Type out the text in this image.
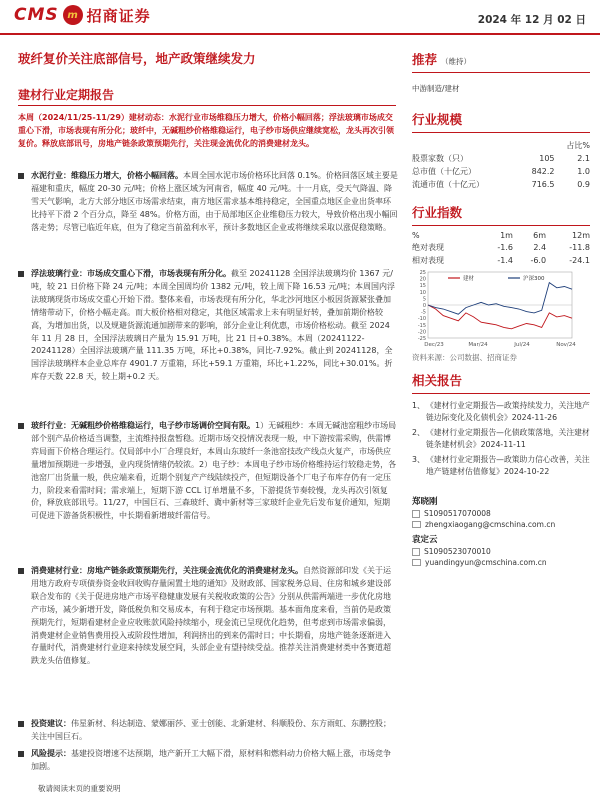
CMS m 招商证券	2024 年 12 月 02 日
玻纤复价关注底部信号，地产政策继续发力
建材行业定期报告
本周（2024/11/25-11/29）建材动态：水泥行业市场维稳压力增大，价格小幅回落；浮法玻璃市场成交重心下滑，市场表现有所分化；玻纤中，无碱粗纱价格维稳运行，电子纱市场供应继续宽松，龙头再次引领复价。释放底部讯号，房地产链条政策预期先行，关注现金流优化的消费建材龙头。
水泥行业：维稳压力增大，价格小幅回落。本周全国水泥市场价格环比回落 0.1%。价格回落区域主要是福建和重庆，幅度 20-30 元/吨；价格上涨区域为河南省，幅度 40 元/吨。十一月底，受天气降温、降雪天气影响，北方大部分地区市场需求结束，南方地区需求基本维持稳定，全国重点地区企业出货率环比持平下滑 2 个百分点，降至 48%。价格方面，由于局部地区企业维稳压力较大，导致价格出现小幅回落走势；尽管已临近年底，但为了稳定当前盈利水平，预计多数地区企业或将继续采取以涨促稳策略。
浮法玻璃行业：市场成交重心下滑，市场表现有所分化。截至 20241128 全国浮法玻璃均价 1367 元/吨，较 21 日价格下降 24 元/吨；本周全国周均价 1382 元/吨，较上周下降 16.53 元/吨；本周国内浮法玻璃现货市场成交重心开始下滑。整体来看，市场表现有所分化，华北沙河地区小板因货源紧张叠加情绪带动下，价格小幅走高。而大板价格相对稳定，其他区域需求上未有明显好转，叠加前期价格较高，为增加出货，以及规避货源流通加剧带来的影响，部分企业让利优惠，市场价格松动。截至 2024 年 11 月 28 日，全国浮法玻璃日产量为 15.91 万吨，比 21 日+0.38%。本周（20241122-20241128）全国浮法玻璃产量 111.35 万吨，环比+0.38%，同比-7.92%。截止到 20241128，全国浮法玻璃样本企业总库存 4901.7 万重箱，环比+59.1 万重箱，环比+1.22%，同比+30.01%。折库存天数 22.8 天，较上期+0.2 天。
玻纤行业：无碱粗纱价格维稳运行，电子纱市场调价空间有限。1）无碱粗纱：本周无碱池窑粗纱市场局部个别产品价格适当调整，主流维持报盘暂稳。近期市场交投情况表现一般，中下游按需采购，供需博弈局面下价格合理运行。仅局部中小厂合理良好，本周山东玻纤一条池窑技改产线点火复产，市场供应量增加预期进一步增强，业内现货情绪仍较浓。2）电子纱：本周电子纱市场价格维持运行较稳走势，各池窑厂出货量一般，供应端来看，近期个别复产产线陆续投产，但短期设备个厂电子布库存仍有一定压力，阶段来看需时间；需求端上，短期下游 CCL 订单增量不多，下游提货节奏较慢，龙头再次引领复价，释放底部讯号。11/27，中国巨石、三森玻纤、冀中新材等三家玻纤企业先后发布复价通知，短期可促进下游备货积极性，中长期看新增玻纤需信号。
消费建材行业：房地产链条政策预期先行，关注现金流优化的消费建材龙头。自然资源部印发《关于运用地方政府专项债券资金收回收购存量闲置土地的通知》及财政部、国家税务总局、住房和城乡建设部联合发布的《关于促进房地产市场平稳健康发展有关税收政策的公告》分别从供需两端进一步优化房地产市场，减少新增开发，降低税负和交易成本，有利于稳定市场预期。基本面角度来看，当前仍是政策预期先行，短期看建材企业应收账款风险持续缩小，现金流已呈现优化趋势，但考虑到市场需求偏弱，消费建材企业销售费用投入或阶段性增加，利润挤出的到来仍需时日；中长期看，房地产链条逐渐进入存量时代，消费建材行业迎来持续发展空间，头部企业有望持续受益。推荐关注消费建材类中各赛道超跌龙头估值修复。
投资建议：伟星新材、科达制造、蒙娜丽莎、亚士创能、北新建材、科顺股份、东方雨虹、东鹏控股；关注中国巨石。
风险提示：基建投资增速不达预期，地产新开工大幅下滑，原材料和燃料动力价格大幅上涨，市场竞争加剧。
推荐 （维持）
中游制造/建材
行业规模
		占比%
股票家数（只）	105	2.1
总市值（十亿元）	842.2	1.0
流通市值（十亿元）	716.5	0.9
行业指数
%	1m	6m	12m
绝对表现	-1.6	2.4	-11.8
相对表现	-1.4	-6.0	-24.1
25
20
15
10
5
0
-5
-10
-15
-20
-25
Dec/23	Mar/24	Jul/24	Nov/24
建材	沪深300
资料来源：公司数据、招商证券
相关报告
1、 《建材行业定期报告—政策持续发力，关注地产链边际变化及化债机会》2024-11-26
2、 《建材行业定期报告—化债政策落地，关注建材链条建材机会》2024-11-11
3、 《建材行业定期报告—政策助力信心改善，关注地产链建材估值修复》2024-10-22
郑晓刚
S1090517070008
zhengxiaogang@cmschina.com.cn
袁定云
S1090523070010
yuandingyun@cmschina.com.cn
敬请阅读末页的重要说明
